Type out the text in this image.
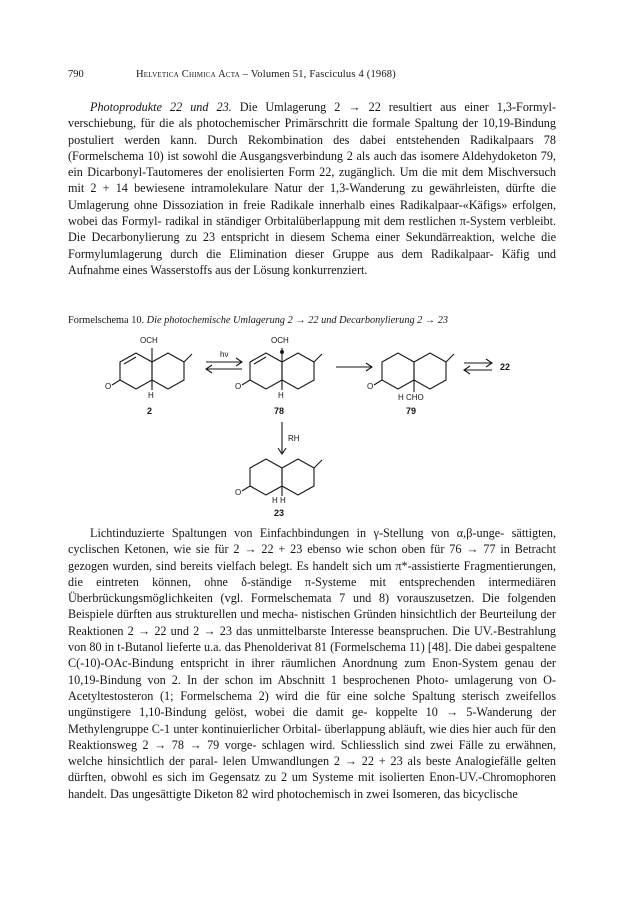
790	Helvetica Chimica Acta – Volumen 51, Fasciculus 4 (1968)
Photoprodukte 22 und 23. Die Umlagerung 2 → 22 resultiert aus einer 1,3-Formyl- verschiebung, für die als photochemischer Primärschritt die formale Spaltung der 10,19-Bindung postuliert werden kann. Durch Rekombination des dabei entstehenden Radikalpaars 78 (Formelschema 10) ist sowohl die Ausgangsverbindung 2 als auch das isomere Aldehydoketon 79, ein Dicarbonyl-Tautomeres der enolisierten Form 22, zugänglich. Um die mit dem Mischversuch mit 2 + 14 bewiesene intramolekulare Natur der 1,3-Wanderung zu gewährleisten, dürfte die Umlagerung ohne Dissoziation in freie Radikale innerhalb eines Radikalpaar-«Käfigs» erfolgen, wobei das Formyl- radikal in ständiger Orbitalüberlappung mit dem restlichen π-System verbleibt. Die Decarbonylierung zu 23 entspricht in diesem Schema einer Sekundärreaktion, welche die Formylumlagerung durch die Elimination dieser Gruppe aus dem Radikalpaar- Käfig und Aufnahme eines Wasserstoffs aus der Lösung konkurrenziert.
Formelschema 10. Die photochemische Umlagerung 2 → 22 und Decarbonylierung 2 → 23
OCH
O
H
2
hν
OCH
O
H
78
O
H CHO
79
22
RH
O
H H
23
Lichtinduzierte Spaltungen von Einfachbindungen in γ-Stellung von α,β-unge- sättigten, cyclischen Ketonen, wie sie für 2 → 22 + 23 ebenso wie schon oben für 76 → 77 in Betracht gezogen wurden, sind bereits vielfach belegt. Es handelt sich um π*-assistierte Fragmentierungen, die eintreten können, ohne δ-ständige π-Systeme mit entsprechenden intermediären Überbrückungsmöglichkeiten (vgl. Formelschemata 7 und 8) vorauszusetzen. Die folgenden Beispiele dürften aus strukturellen und mecha- nistischen Gründen hinsichtlich der Beurteilung der Reaktionen 2 → 22 und 2 → 23 das unmittelbarste Interesse beanspruchen. Die UV.-Bestrahlung von 80 in t-Butanol lieferte u.a. das Phenolderivat 81 (Formelschema 11) [48]. Die dabei gespaltene C(-10)-OAc-Bindung entspricht in ihrer räumlichen Anordnung zum Enon-System genau der 10,19-Bindung von 2. In der schon im Abschnitt 1 besprochenen Photo- umlagerung von O-Acetyltestosteron (1; Formelschema 2) wird die für eine solche Spaltung sterisch zweifellos ungünstigere 1,10-Bindung gelöst, wobei die damit ge- koppelte 10 → 5-Wanderung der Methylengruppe C-1 unter kontinuierlicher Orbital- überlappung abläuft, wie dies hier auch für den Reaktionsweg 2 → 78 → 79 vorge- schlagen wird. Schliesslich sind zwei Fälle zu erwähnen, welche hinsichtlich der paral- lelen Umwandlungen 2 → 22 + 23 als beste Analogiefälle gelten dürften, obwohl es sich im Gegensatz zu 2 um Systeme mit isolierten Enon-UV.-Chromophoren handelt. Das ungesättigte Diketon 82 wird photochemisch in zwei Isomeren, das bicyclische
